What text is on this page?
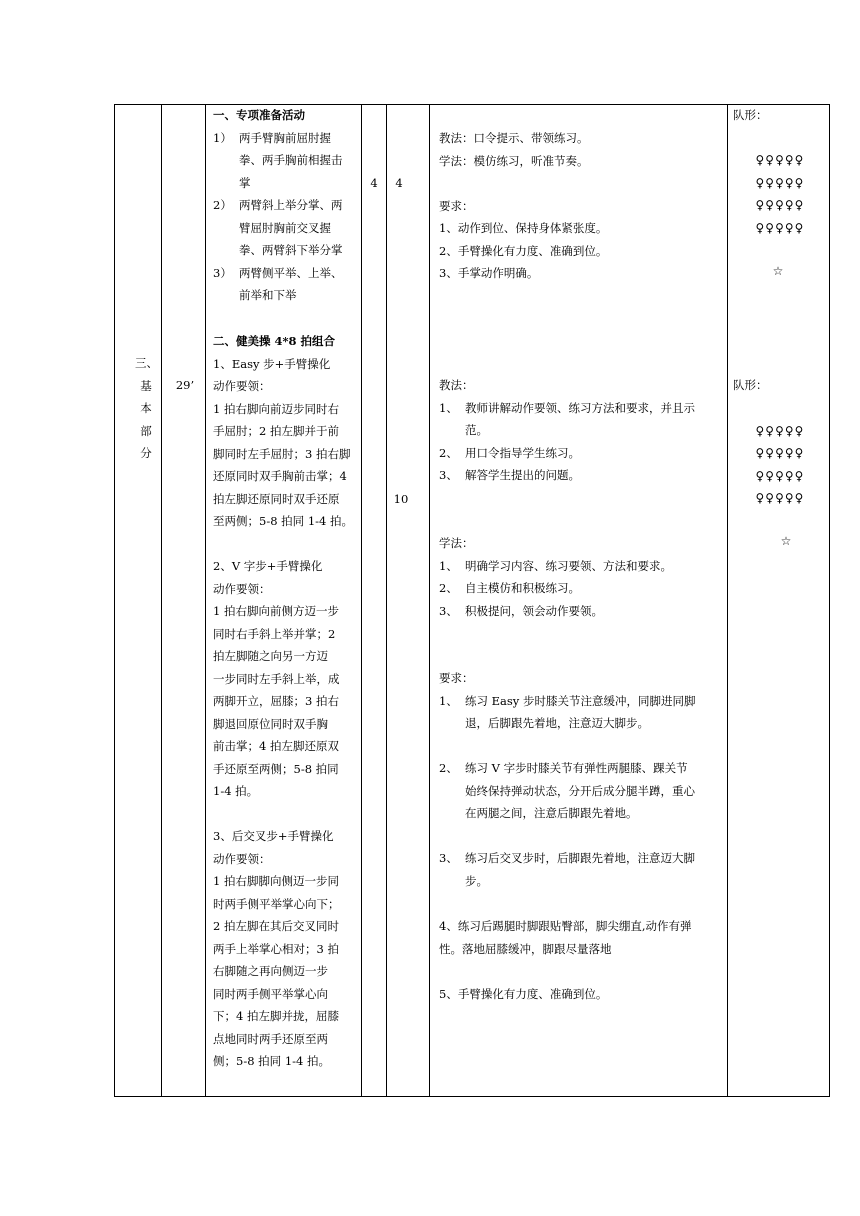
三、
基
本
部
分
29’
4	4
10
一、专项准备活动
1） 两手臂胸前屈肘握
拳、两手胸前相握击
掌
2） 两臂斜上举分掌、两
臂屈肘胸前交叉握
拳、两臂斜下举分掌
3） 两臂侧平举、上举、
前举和下举
二、健美操 4*8 拍组合
1、Easy 步+手臂操化
动作要领：
1 拍右脚向前迈步同时右
手屈肘；2 拍左脚并于前
脚同时左手屈肘；3 拍右脚
还原同时双手胸前击掌；4
拍左脚还原同时双手还原
至两侧；5-8 拍同 1-4 拍。
2、V 字步+手臂操化
动作要领：
1 拍右脚向前侧方迈一步
同时右手斜上举并掌；2
拍左脚随之向另一方迈
一步同时左手斜上举，成
两脚开立，屈膝；3 拍右
脚退回原位同时双手胸
前击掌；4 拍左脚还原双
手还原至两侧；5-8 拍同
1-4 拍。
3、后交叉步+手臂操化
动作要领：
1 拍右脚脚向侧迈一步同
时两手侧平举掌心向下；
2 拍左脚在其后交叉同时
两手上举掌心相对；3 拍
右脚随之再向侧迈一步
同时两手侧平举掌心向
下；4 拍左脚并拢，屈膝
点地同时两手还原至两
侧；5-8 拍同 1-4 拍。
教法：口令提示、带领练习。
学法：模仿练习，听准节奏。
要求：
1、动作到位、保持身体紧张度。
2、手臂操化有力度、准确到位。
3、手掌动作明确。
教法：
1、 教师讲解动作要领、练习方法和要求，并且示
范。
2、 用口令指导学生练习。
3、 解答学生提出的问题。
学法：
1、 明确学习内容、练习要领、方法和要求。
2、 自主模仿和积极练习。
3、 积极提问，领会动作要领。
要求：
1、 练习 Easy 步时膝关节注意缓冲，同脚进同脚
退，后脚跟先着地，注意迈大脚步。
2、 练习 V 字步时膝关节有弹性两腿膝、踝关节
始终保持弹动状态，分开后成分腿半蹲，重心
在两腿之间，注意后脚跟先着地。
3、 练习后交叉步时，后脚跟先着地，注意迈大脚
步。
4、练习后踢腿时脚跟贴臀部，脚尖绷直,动作有弹
性。落地屈膝缓冲，脚跟尽量落地
5、手臂操化有力度、准确到位。
队形：
♀♀♀♀♀
♀♀♀♀♀
♀♀♀♀♀
♀♀♀♀♀
☆
队形：
♀♀♀♀♀
♀♀♀♀♀
♀♀♀♀♀
♀♀♀♀♀
☆
